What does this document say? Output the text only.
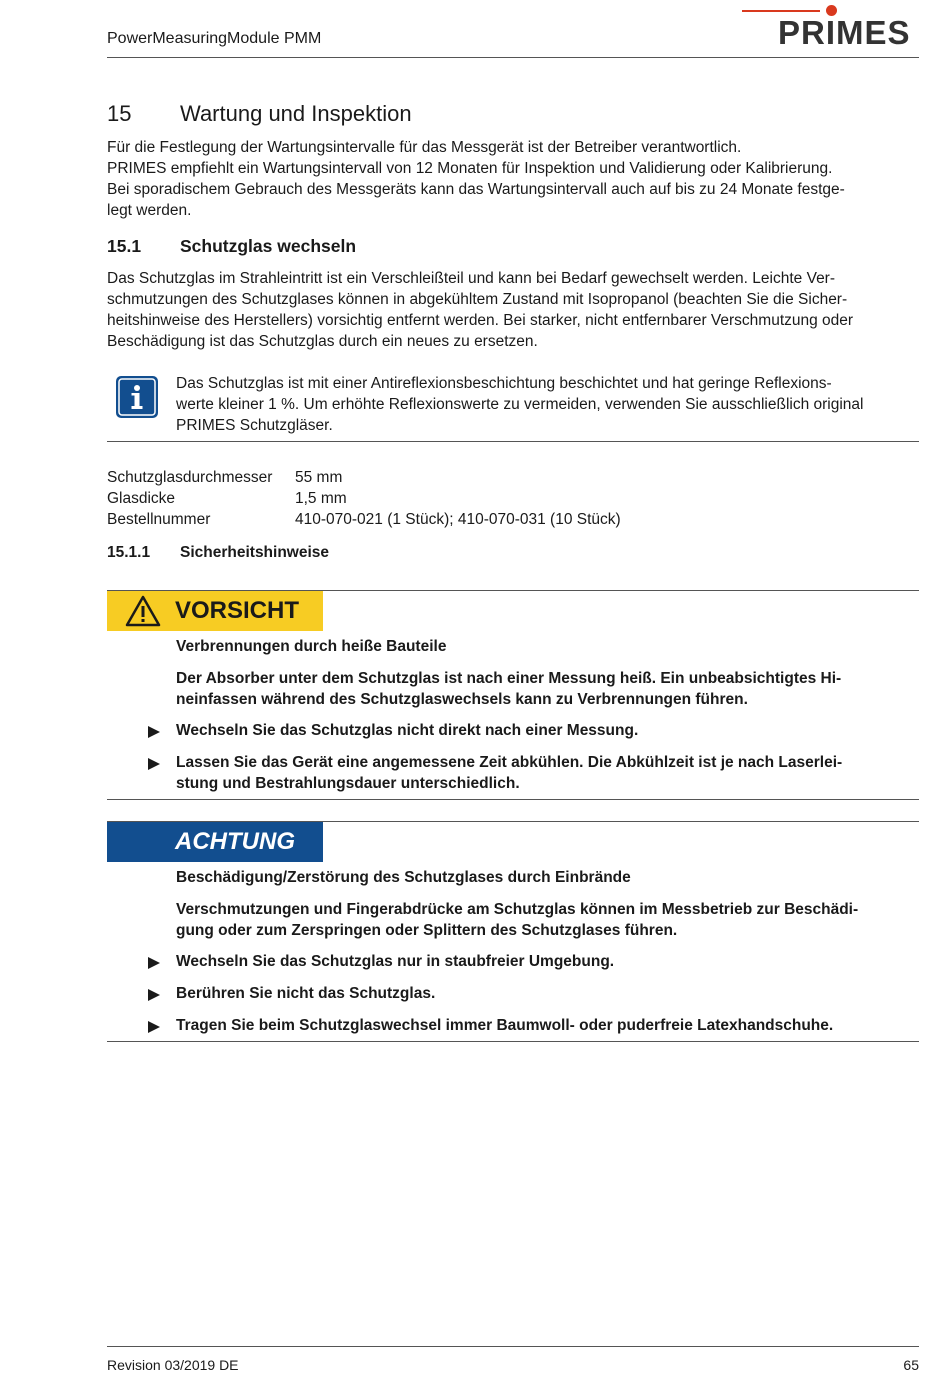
PowerMeasuringModule PMM	PRIMES
15 Wartung und Inspektion
Für die Festlegung der Wartungsintervalle für das Messgerät ist der Betreiber verantwortlich.
PRIMES empfiehlt ein Wartungsintervall von 12 Monaten für Inspektion und Validierung oder Kalibrierung.
Bei sporadischem Gebrauch des Messgeräts kann das Wartungsintervall auch auf bis zu 24 Monate festge-
legt werden.
15.1 Schutzglas wechseln
Das Schutzglas im Strahleintritt ist ein Verschleißteil und kann bei Bedarf gewechselt werden. Leichte Ver-
schmutzungen des Schutzglases können in abgekühltem Zustand mit Isopropanol (beachten Sie die Sicher-
heitshinweise des Herstellers) vorsichtig entfernt werden. Bei starker, nicht entfernbarer Verschmutzung oder
Beschädigung ist das Schutzglas durch ein neues zu ersetzen.
Das Schutzglas ist mit einer Antireflexionsbeschichtung beschichtet und hat geringe Reflexions-
werte kleiner 1 %. Um erhöhte Reflexionswerte zu vermeiden, verwenden Sie ausschließlich original
PRIMES Schutzgläser.
Schutzglasdurchmesser 55 mm
Glasdicke	1,5 mm
Bestellnummer	410-070-021 (1 Stück); 410-070-031 (10 Stück)
15.1.1 Sicherheitshinweise
VORSICHT
Verbrennungen durch heiße Bauteile
Der Absorber unter dem Schutzglas ist nach einer Messung heiß. Ein unbeabsichtigtes Hi-
neinfassen während des Schutzglaswechsels kann zu Verbrennungen führen.
Wechseln Sie das Schutzglas nicht direkt nach einer Messung.
Lassen Sie das Gerät eine angemessene Zeit abkühlen. Die Abkühlzeit ist je nach Laserlei-
stung und Bestrahlungsdauer unterschiedlich.
ACHTUNG
Beschädigung/Zerstörung des Schutzglases durch Einbrände
Verschmutzungen und Fingerabdrücke am Schutzglas können im Messbetrieb zur Beschädi-
gung oder zum Zerspringen oder Splittern des Schutzglases führen.
Wechseln Sie das Schutzglas nur in staubfreier Umgebung.
Berühren Sie nicht das Schutzglas.
Tragen Sie beim Schutzglaswechsel immer Baumwoll- oder puderfreie Latexhandschuhe.
Revision 03/2019 DE	65
